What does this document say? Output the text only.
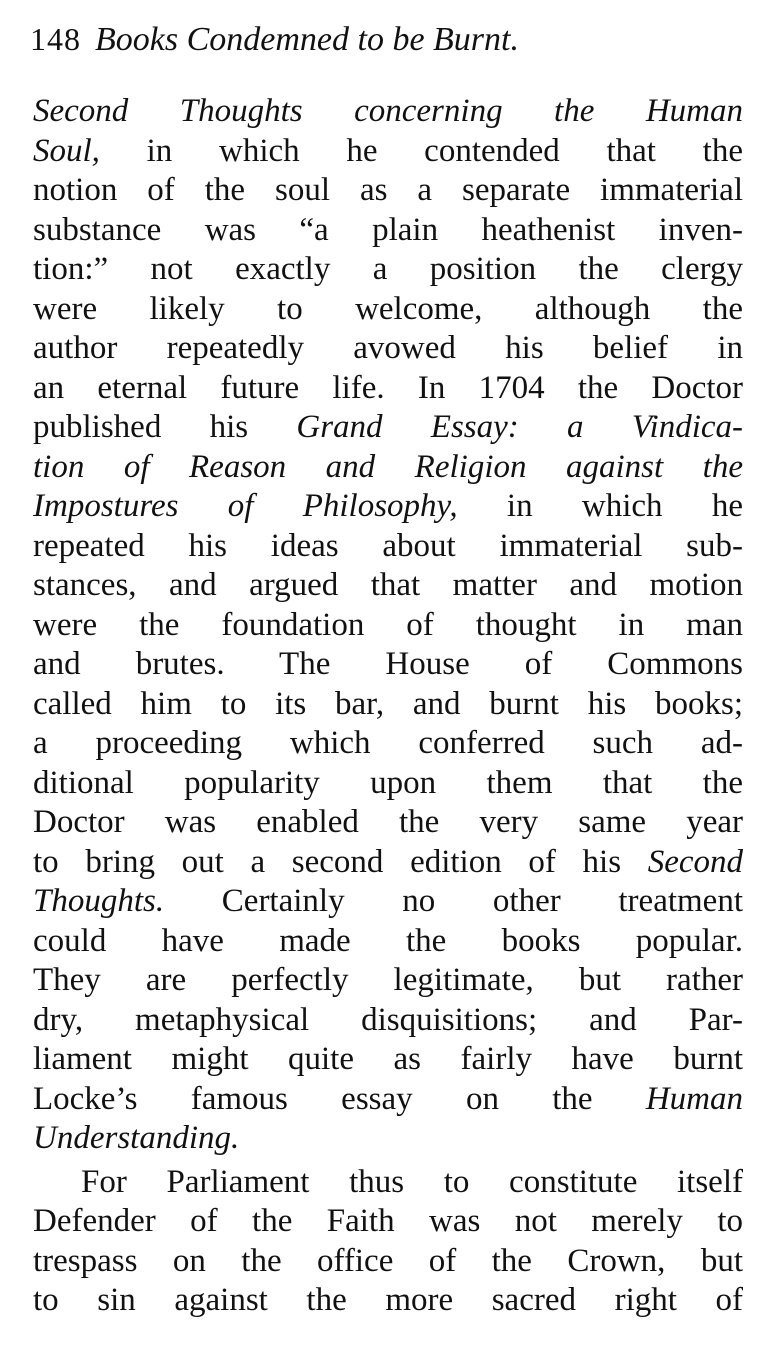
148 Books Condemned to be Burnt.
Second Thoughts concerning the Human
Soul, in which he contended that the
notion of the soul as a separate immaterial
substance was “a plain heathenist inven-
tion:” not exactly a position the clergy
were likely to welcome, although the
author repeatedly avowed his belief in
an eternal future life. In 1704 the Doctor
published his Grand Essay: a Vindica-
tion of Reason and Religion against the
Impostures of Philosophy, in which he
repeated his ideas about immaterial sub-
stances, and argued that matter and motion
were the foundation of thought in man
and brutes. The House of Commons
called him to its bar, and burnt his books;
a proceeding which conferred such ad-
ditional popularity upon them that the
Doctor was enabled the very same year
to bring out a second edition of his Second
Thoughts. Certainly no other treatment
could have made the books popular.
They are perfectly legitimate, but rather
dry, metaphysical disquisitions; and Par-
liament might quite as fairly have burnt
Locke’s famous essay on the Human
Understanding.
For Parliament thus to constitute itself
Defender of the Faith was not merely to
trespass on the office of the Crown, but
to sin against the more sacred right of
